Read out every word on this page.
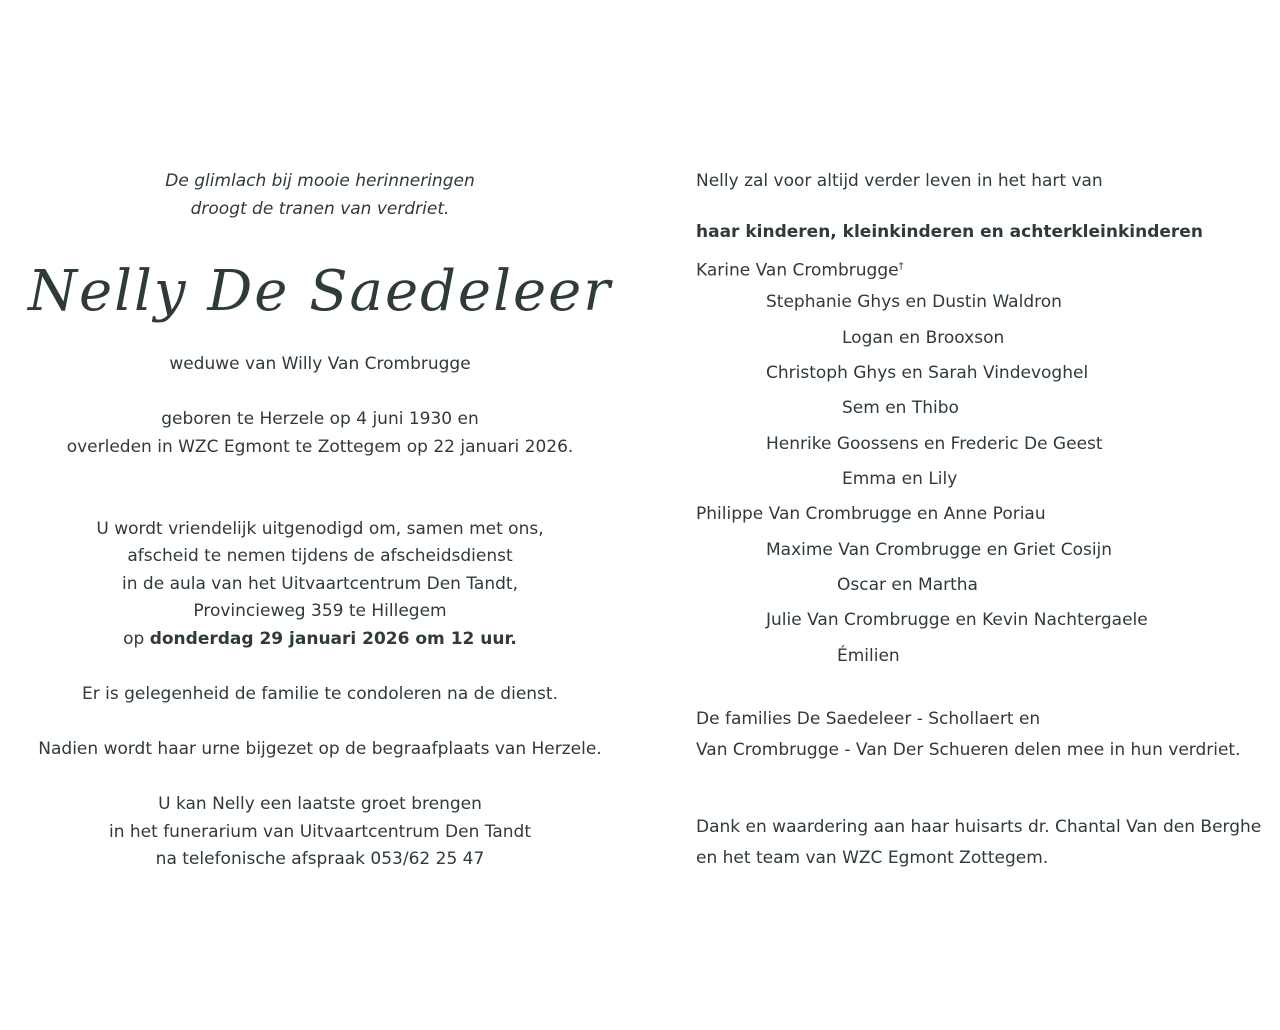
De glimlach bij mooie herinneringen
droogt de tranen van verdriet.
Nelly De Saedeleer
weduwe van Willy Van Crombrugge
geboren te Herzele op 4 juni 1930 en
overleden in WZC Egmont te Zottegem op 22 januari 2026.
U wordt vriendelijk uitgenodigd om, samen met ons,
afscheid te nemen tijdens de afscheidsdienst
in de aula van het Uitvaartcentrum Den Tandt,
Provincieweg 359 te Hillegem
op donderdag 29 januari 2026 om 12 uur.
Er is gelegenheid de familie te condoleren na de dienst.
Nadien wordt haar urne bijgezet op de begraafplaats van Herzele.
U kan Nelly een laatste groet brengen
in het funerarium van Uitvaartcentrum Den Tandt
na telefonische afspraak 053/62 25 47
Nelly zal voor altijd verder leven in het hart van
haar kinderen, kleinkinderen en achterkleinkinderen
Karine Van Crombrugge†
Stephanie Ghys en Dustin Waldron
Logan en Brooxson
Christoph Ghys en Sarah Vindevoghel
Sem en Thibo
Henrike Goossens en Frederic De Geest
Emma en Lily
Philippe Van Crombrugge en Anne Poriau
Maxime Van Crombrugge en Griet Cosijn
Oscar en Martha
Julie Van Crombrugge en Kevin Nachtergaele
Émilien
De families De Saedeleer - Schollaert en
Van Crombrugge - Van Der Schueren delen mee in hun verdriet.
Dank en waardering aan haar huisarts dr. Chantal Van den Berghe
en het team van WZC Egmont Zottegem.
